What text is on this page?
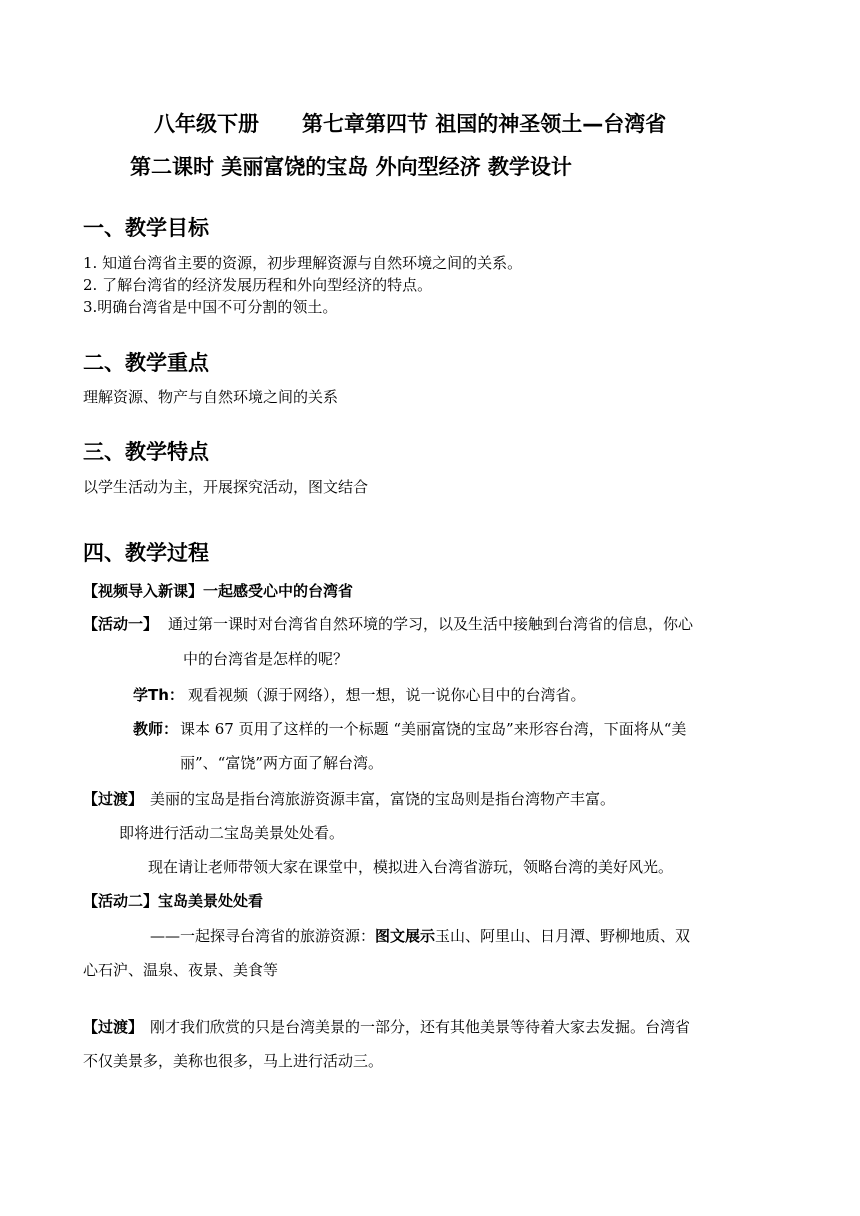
八年级下册 第七章第四节 祖国的神圣领土—台湾省
第二课时 美丽富饶的宝岛 外向型经济 教学设计
一、教学目标
1. 知道台湾省主要的资源，初步理解资源与自然环境之间的关系。
2. 了解台湾省的经济发展历程和外向型经济的特点。
3.明确台湾省是中国不可分割的领土。
二、教学重点
理解资源、物产与自然环境之间的关系
三、教学特点
以学生活动为主，开展探究活动，图文结合
四、教学过程
【视频导入新课】一起感受心中的台湾省
【活动一】 通过第一课时对台湾省自然环境的学习，以及生活中接触到台湾省的信息，你心
中的台湾省是怎样的呢？
学Th： 观看视频（源于网络），想一想，说一说你心目中的台湾省。
教师： 课本 67 页用了这样的一个标题 “美丽富饶的宝岛”来形容台湾，下面将从“美
丽”、“富饶”两方面了解台湾。
【过渡】 美丽的宝岛是指台湾旅游资源丰富，富饶的宝岛则是指台湾物产丰富。
即将进行活动二宝岛美景处处看。
现在请让老师带领大家在课堂中，模拟进入台湾省游玩，领略台湾的美好风光。
【活动二】宝岛美景处处看
——一起探寻台湾省的旅游资源：图文展示玉山、阿里山、日月潭、野柳地质、双
心石沪、温泉、夜景、美食等
【过渡】 刚才我们欣赏的只是台湾美景的一部分，还有其他美景等待着大家去发掘。台湾省
不仅美景多，美称也很多，马上进行活动三。
